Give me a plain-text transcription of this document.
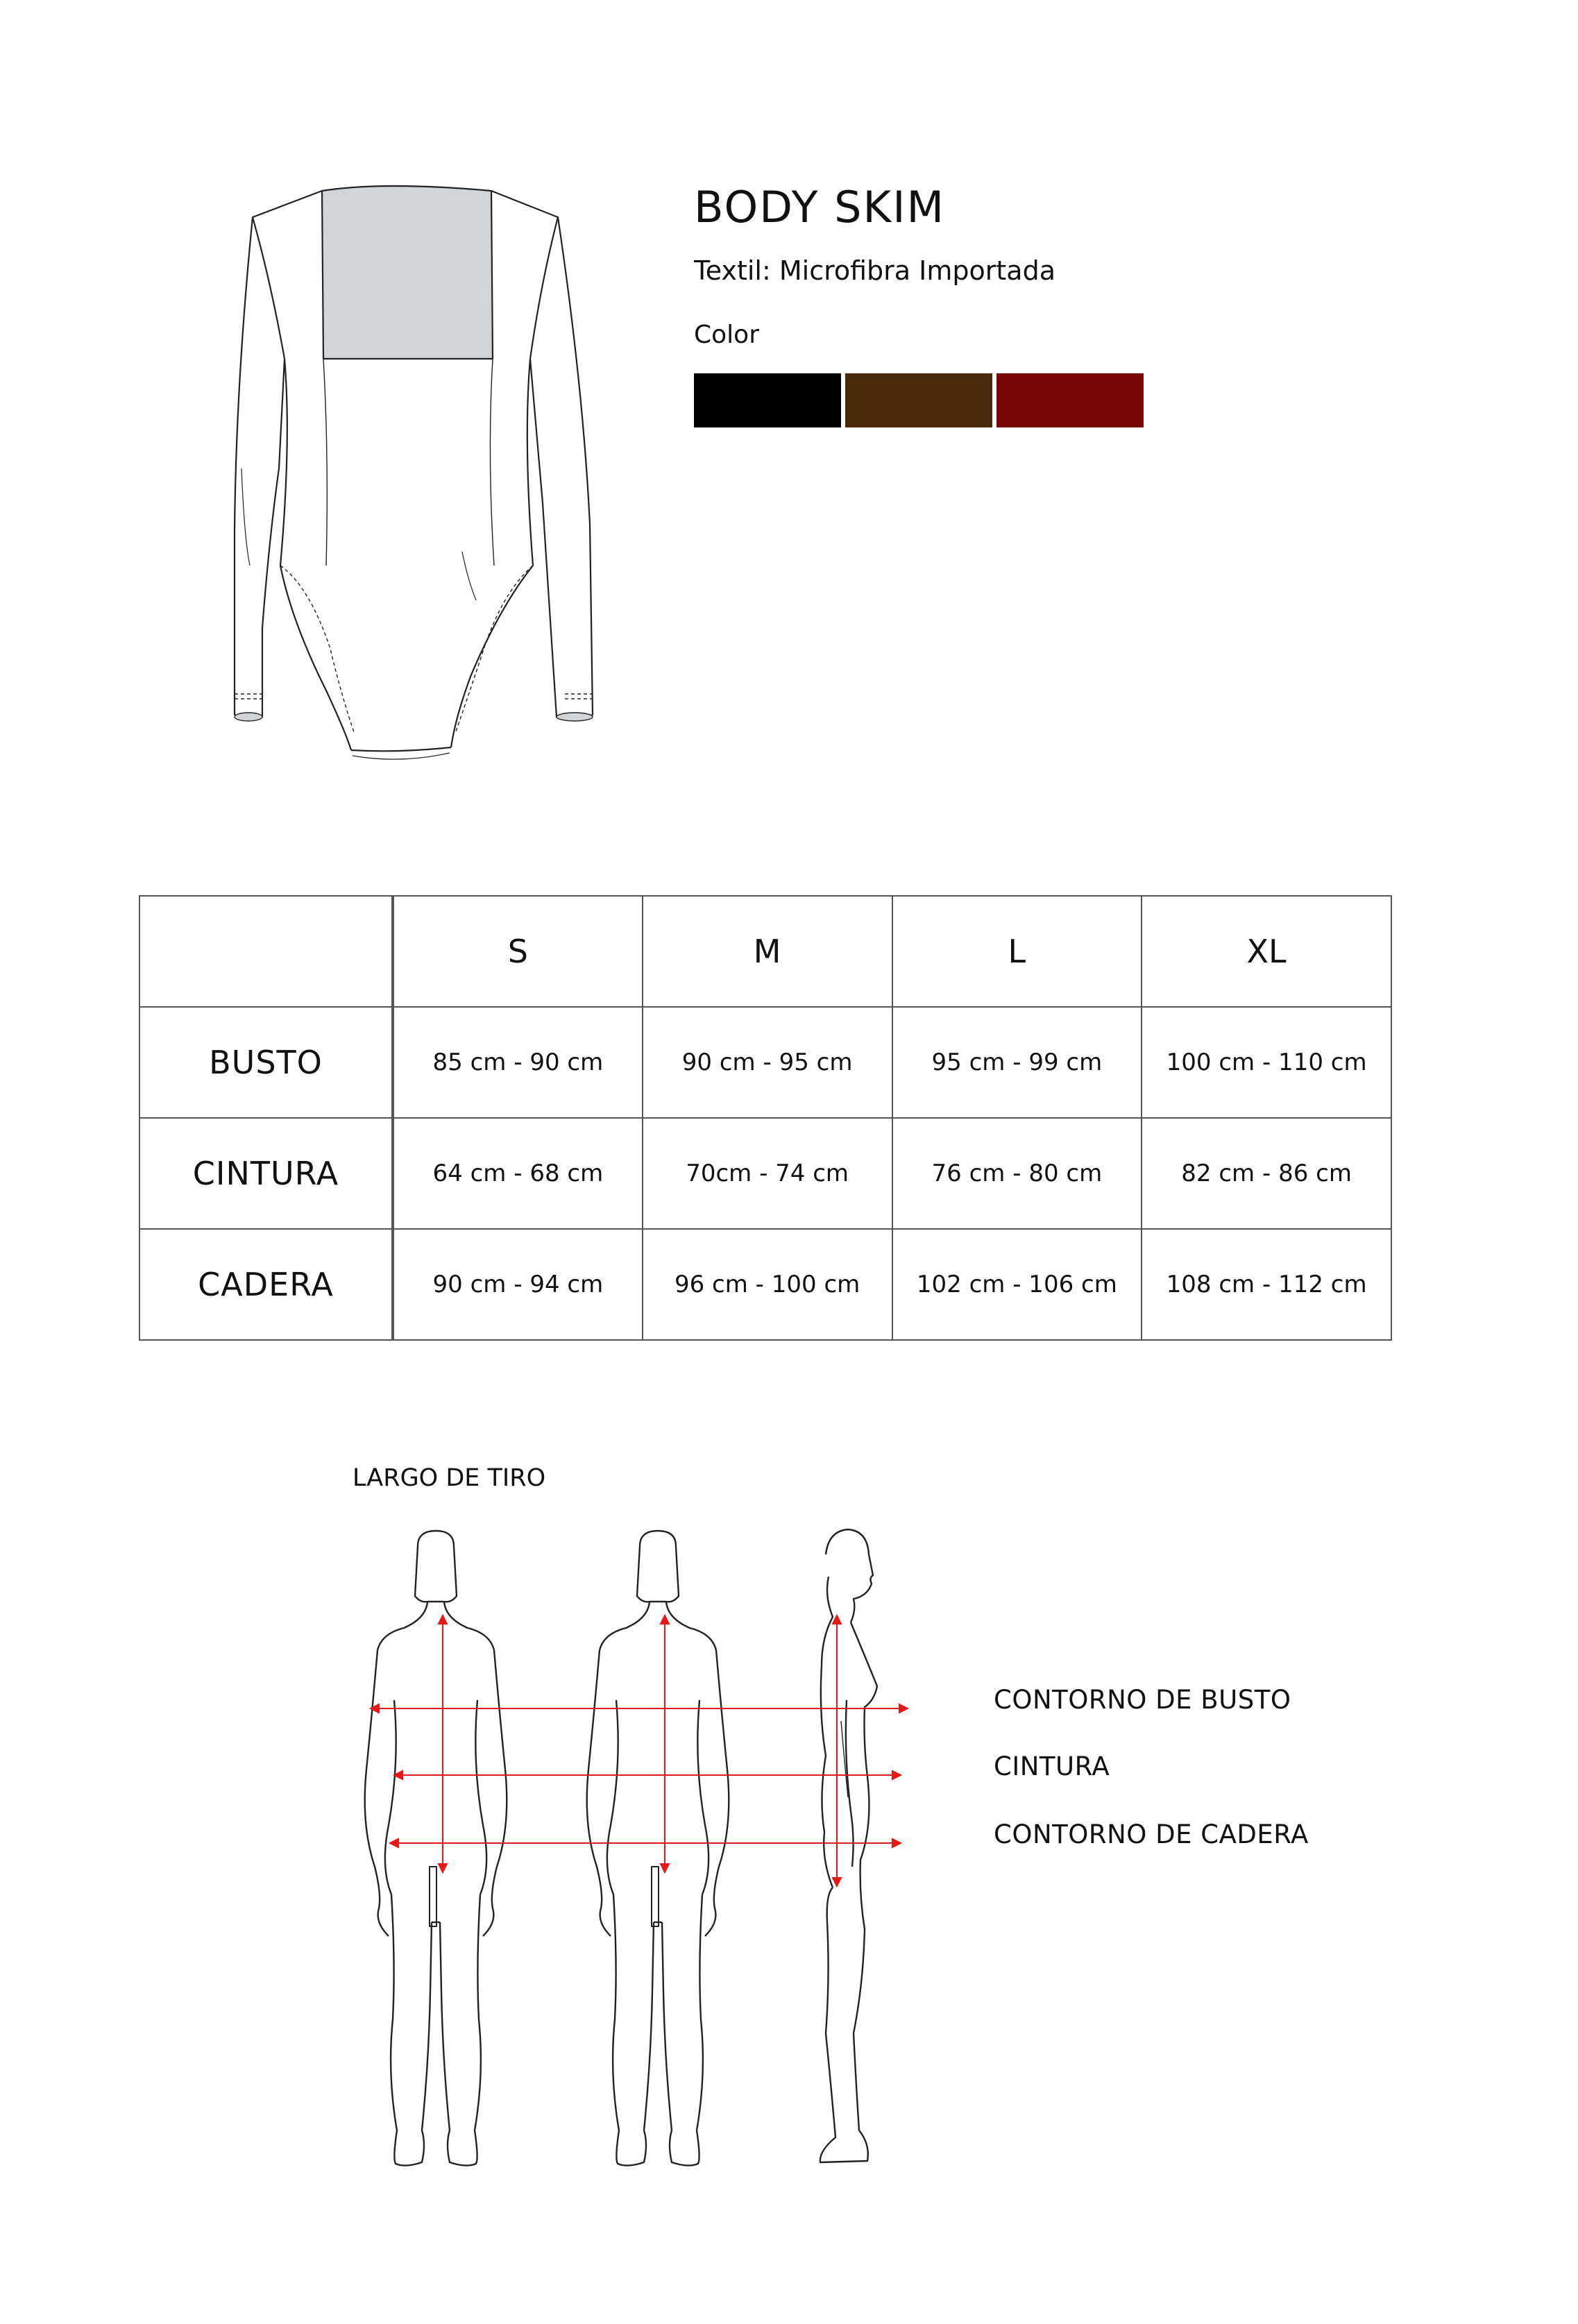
BODY SKIM
Textil: Microfibra Importada
Color
	S	M	L	XL
BUSTO	85 cm - 90 cm	90 cm - 95 cm	95 cm - 99 cm	100 cm - 110 cm
CINTURA	64 cm - 68 cm	70cm - 74 cm	76 cm - 80 cm	82 cm - 86 cm
CADERA	90 cm - 94 cm	96 cm - 100 cm	102 cm - 106 cm	108 cm - 112 cm
LARGO DE TIRO
CONTORNO DE BUSTO
CINTURA
CONTORNO DE CADERA
